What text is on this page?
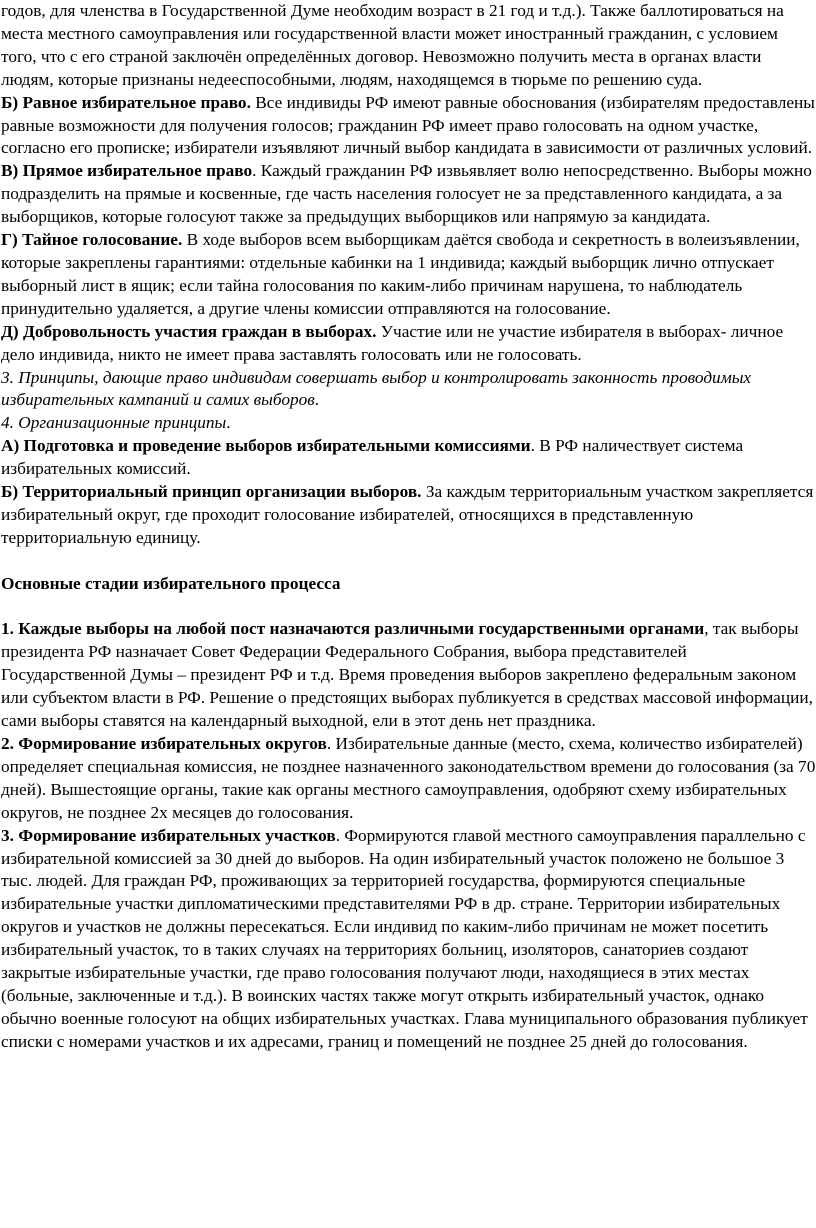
годов, для членства в Государственной Думе необходим возраст в 21 год и т.д.). Также баллотироваться на места местного самоуправления или государственной власти может иностранный гражданин, с условием того, что с его страной заключён определённых договор. Невозможно получить места в органах власти людям, которые признаны недееспособными, людям, находящемся в тюрьме по решению суда.

Б) Равное избирательное право. Все индивиды РФ имеют равные обоснования (избирателям предоставлены равные возможности для получения голосов; гражданин РФ имеет право голосовать на одном участке, согласно его прописке; избиратели изъявляют личный выбор кандидата в зависимости от различных условий.

В) Прямое избирательное право. Каждый гражданин РФ извьявляет волю непосредственно. Выборы можно подразделить на прямые и косвенные, где часть населения голосует не за представленного кандидата, а за выборщиков, которые голосуют также за предыдущих выборщиков или напрямую за кандидата.

Г) Тайное голосование. В ходе выборов всем выборщикам даётся свобода и секретность в волеизъявлении, которые закреплены гарантиями: отдельные кабинки на 1 индивида; каждый выборщик лично отпускает выборный лист в ящик; если тайна голосования по каким-либо причинам нарушена, то наблюдатель принудительно удаляется, а другие члены комиссии отправляются на голосование.

Д) Добровольность участия граждан в выборах. Участие или не участие избирателя в выборах- личное дело индивида, никто не имеет права заставлять голосовать или не голосовать.

3. Принципы, дающие право индивидам совершать выбор и контролировать законность проводимых избирательных кампаний и самих выборов.

4. Организационные принципы.

А) Подготовка и проведение выборов избирательными комиссиями. В РФ наличествует система избирательных комиссий.

Б) Территориальный принцип организации выборов. За каждым территориальным участком закрепляется избирательный округ, где проходит голосование избирателей, относящихся в представленную территориальную единицу.

Основные стадии избирательного процесса

1. Каждые выборы на любой пост назначаются различными государственными органами, так выборы президента РФ назначает Совет Федерации Федерального Собрания, выбора представителей Государственной Думы – президент РФ и т.д. Время проведения выборов закреплено федеральным законом или субъектом власти в РФ. Решение о предстоящих выборах публикуется в средствах массовой информации, сами выборы ставятся на календарный выходной, ели в этот день нет праздника.

2. Формирование избирательных округов. Избирательные данные (место, схема, количество избирателей) определяет специальная комиссия, не позднее назначенного законодательством времени до голосования (за 70 дней). Вышестоящие органы, такие как органы местного самоуправления, одобряют схему избирательных округов, не позднее 2х месяцев до голосования.

3. Формирование избирательных участков. Формируются главой местного самоуправления параллельно с избирательной комиссией за 30 дней до выборов. На один избирательный участок положено не большое 3 тыс. людей. Для граждан РФ, проживающих за территорией государства, формируются специальные избирательные участки дипломатическими представителями РФ в др. стране. Территории избирательных округов и участков не должны пересекаться. Если индивид по каким-либо причинам не может посетить избирательный участок, то в таких случаях на территориях больниц, изоляторов, санаториев создают закрытые избирательные участки, где право голосования получают люди, находящиеся в этих местах (больные, заключенные и т.д.). В воинских частях также могут открыть избирательный участок, однако обычно военные голосуют на общих избирательных участках. Глава муниципального образования публикует списки с номерами участков и их адресами, границ и помещений не позднее 25 дней до голосования.
